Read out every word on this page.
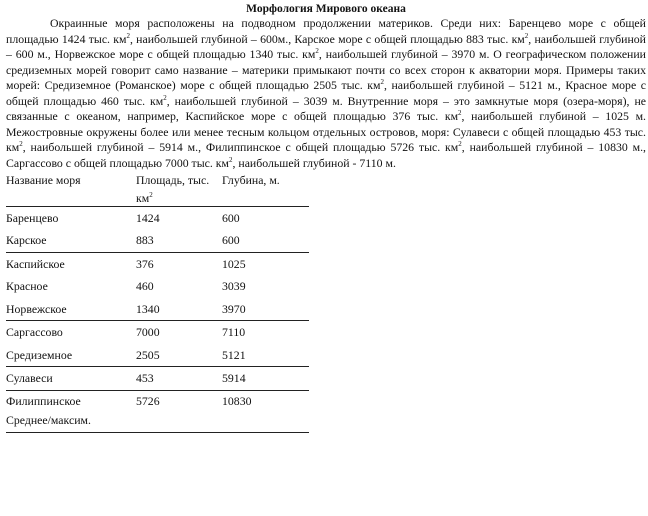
Морфология Мирового океана

Окраинные моря расположены на подводном продолжении материков. Среди них: Баренцево море с общей площадью 1424 тыс. $км^2$, наибольшей глубиной – 600м., Карское море с общей площадью 883 тыс. $км^2$, наибольшей глубиной – 600 м., Норвежское море с общей площадью 1340 тыс. $км^2$, наибольшей глубиной – 3970 м. О географическом положении средиземных морей говорит само название – материки примыкают почти со всех сторон к акватории моря. Примеры таких морей: Средиземное (Романское) море с общей площадью 2505 тыс. $км^2$, наибольшей глубиной – 5121 м., Красное море с общей площадью 460 тыс. $км^2$, наибольшей глубиной – 3039 м. Внутренние моря – это замкнутые моря (озера-моря), не связанные с океаном, например, Каспийское море с общей площадью 376 тыс. $км^2$, наибольшей глубиной – 1025 м. Межостровные окружены более или менее тесным кольцом отдельных островов, моря: Сулавеси с общей площадью 453 тыс. $км^2$, наибольшей глубиной – 5914 м., Филиппинское с общей площадью 5726 тыс. $км^2$, наибольшей глубиной – 10830 м., Саргассово с общей площадью 7000 тыс. $км^2$, наибольшей глубиной - 7110 м.

Название моря	Площадь, тыс. $км^2$	Глубина, м.
Баренцево	1424	600
Карское	883	600
Каспийское	376	1025
Красное	460	3039
Норвежское	1340	3970
Саргассово	7000	7110
Средиземное	2505	5121
Сулавеси	453	5914
Филиппинское	5726	10830
Среднее/максим.		
